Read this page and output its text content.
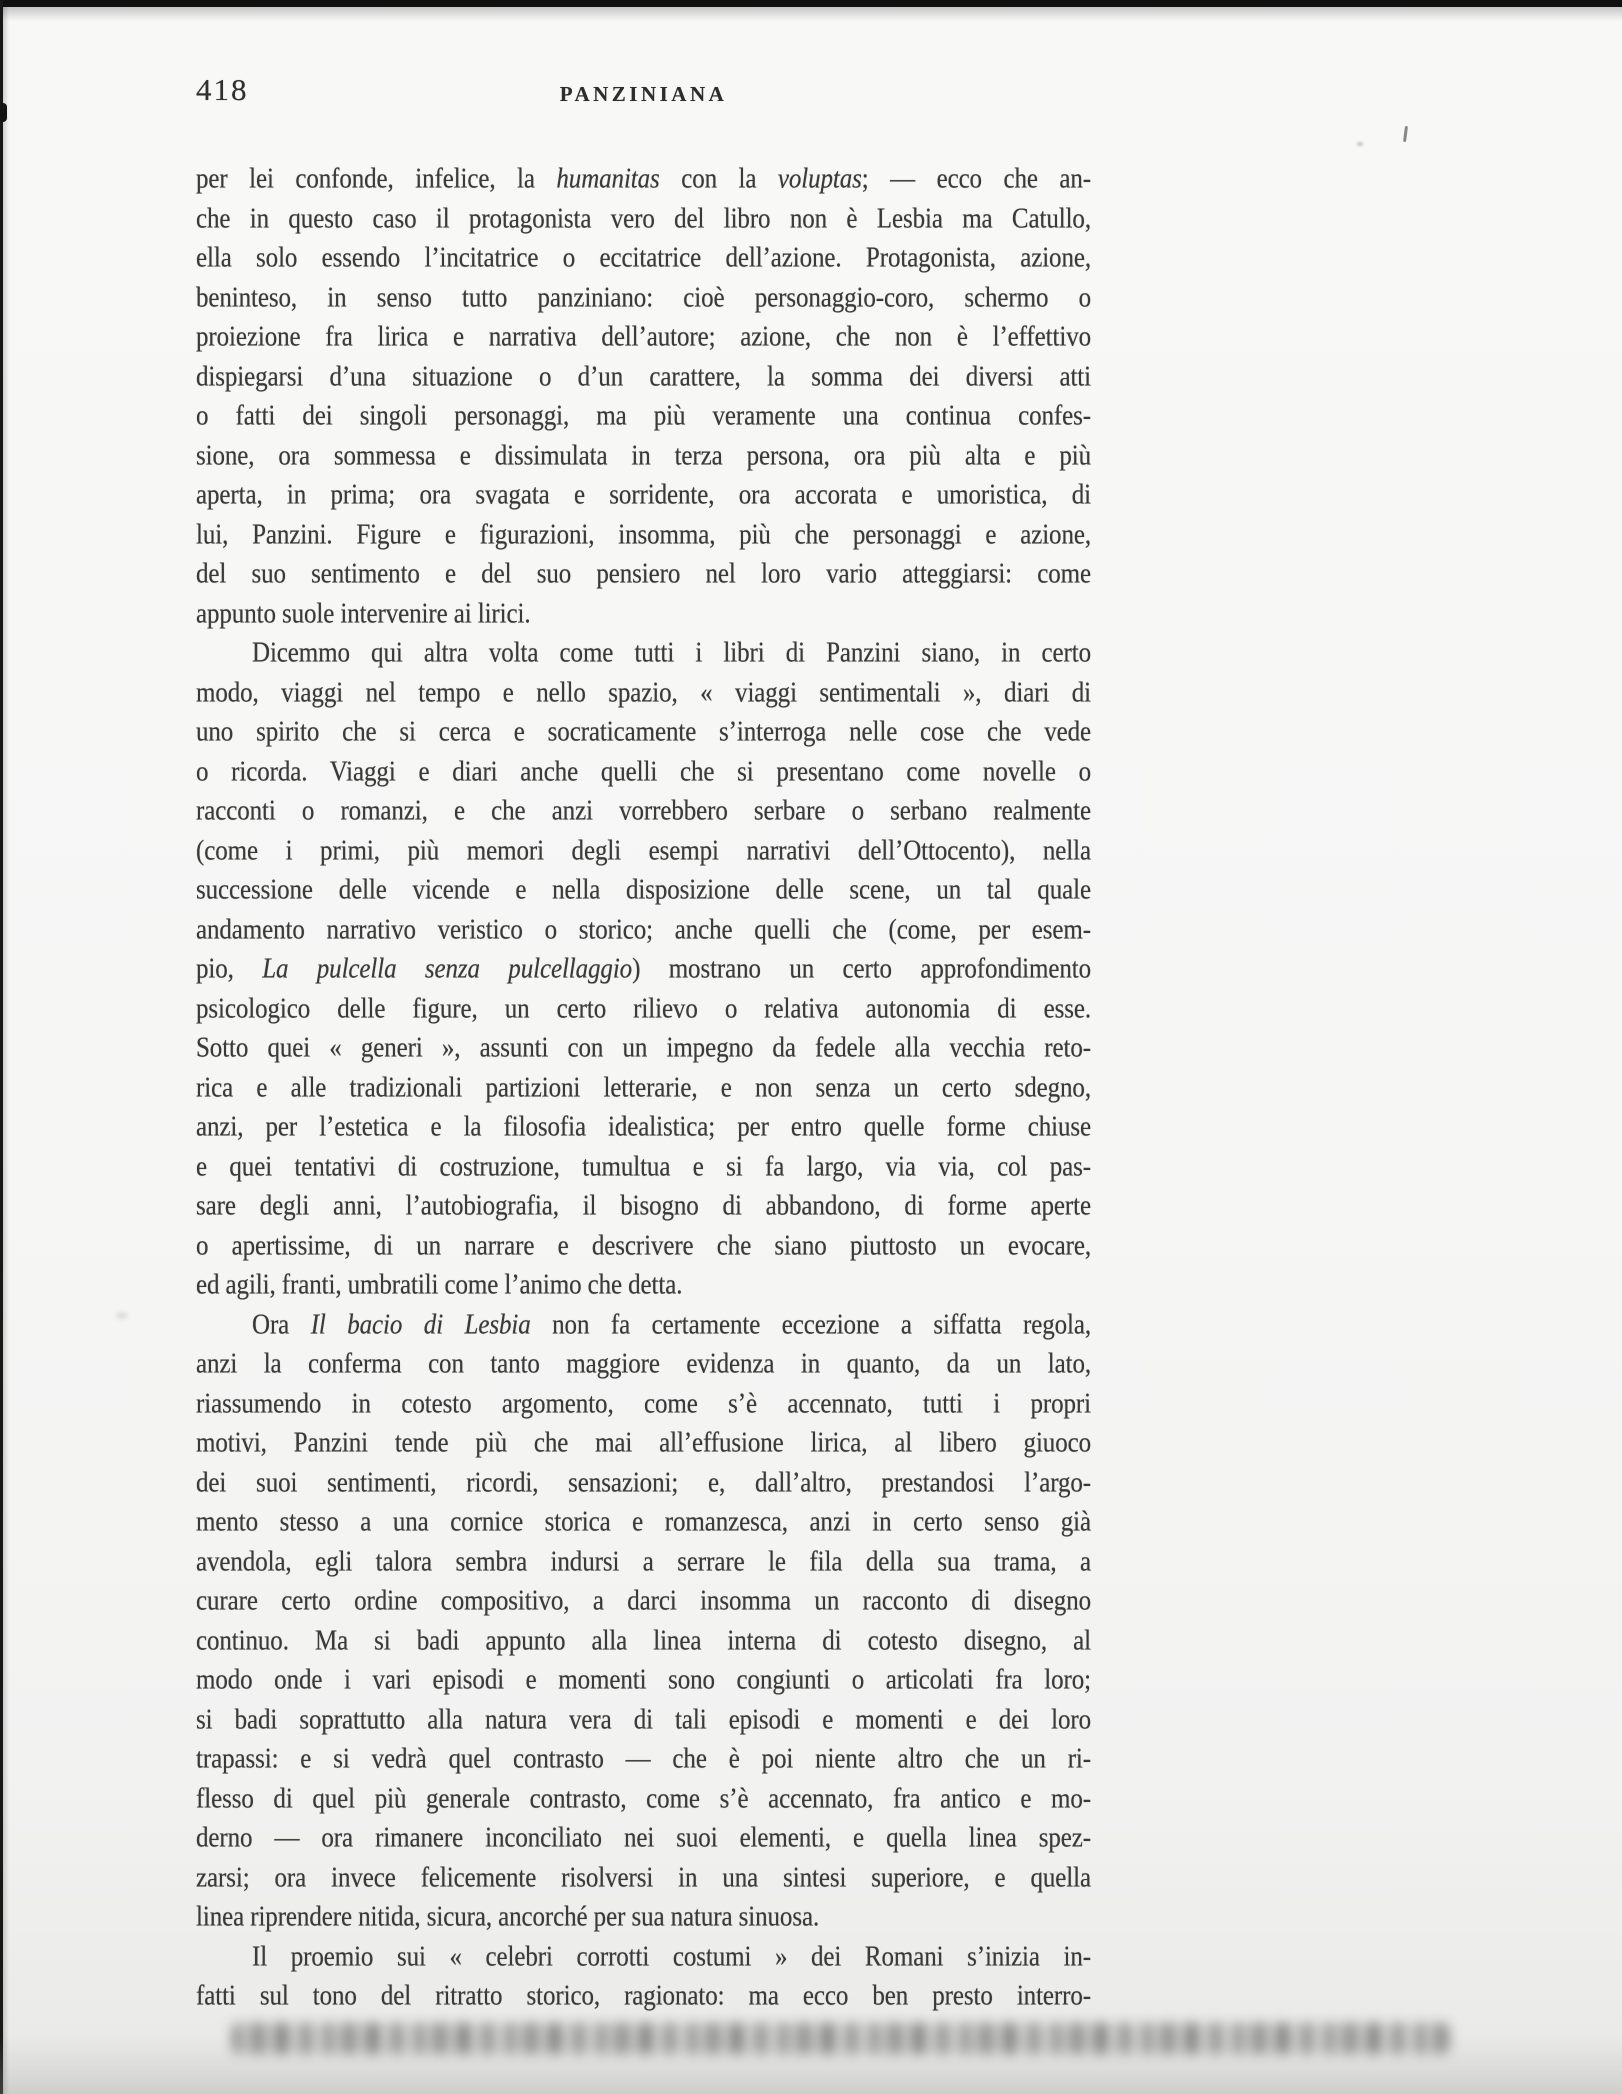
418	PANZINIANA
per lei confonde, infelice, la humanitas con la voluptas; — ecco che an-
che in questo caso il protagonista vero del libro non è Lesbia ma Catullo,
ella solo essendo l’incitatrice o eccitatrice dell’azione. Protagonista, azione,
beninteso, in senso tutto panziniano: cioè personaggio-coro, schermo o
proiezione fra lirica e narrativa dell’autore; azione, che non è l’effettivo
dispiegarsi d’una situazione o d’un carattere, la somma dei diversi atti
o fatti dei singoli personaggi, ma più veramente una continua confes-
sione, ora sommessa e dissimulata in terza persona, ora più alta e più
aperta, in prima; ora svagata e sorridente, ora accorata e umoristica, di
lui, Panzini. Figure e figurazioni, insomma, più che personaggi e azione,
del suo sentimento e del suo pensiero nel loro vario atteggiarsi: come
appunto suole intervenire ai lirici.
Dicemmo qui altra volta come tutti i libri di Panzini siano, in certo
modo, viaggi nel tempo e nello spazio, « viaggi sentimentali », diari di
uno spirito che si cerca e socraticamente s’interroga nelle cose che vede
o ricorda. Viaggi e diari anche quelli che si presentano come novelle o
racconti o romanzi, e che anzi vorrebbero serbare o serbano realmente
(come i primi, più memori degli esempi narrativi dell’Ottocento), nella
successione delle vicende e nella disposizione delle scene, un tal quale
andamento narrativo veristico o storico; anche quelli che (come, per esem-
pio, La pulcella senza pulcellaggio) mostrano un certo approfondimento
psicologico delle figure, un certo rilievo o relativa autonomia di esse.
Sotto quei « generi », assunti con un impegno da fedele alla vecchia reto-
rica e alle tradizionali partizioni letterarie, e non senza un certo sdegno,
anzi, per l’estetica e la filosofia idealistica; per entro quelle forme chiuse
e quei tentativi di costruzione, tumultua e si fa largo, via via, col pas-
sare degli anni, l’autobiografia, il bisogno di abbandono, di forme aperte
o apertissime, di un narrare e descrivere che siano piuttosto un evocare,
ed agili, franti, umbratili come l’animo che detta.
Ora Il bacio di Lesbia non fa certamente eccezione a siffatta regola,
anzi la conferma con tanto maggiore evidenza in quanto, da un lato,
riassumendo in cotesto argomento, come s’è accennato, tutti i propri
motivi, Panzini tende più che mai all’effusione lirica, al libero giuoco
dei suoi sentimenti, ricordi, sensazioni; e, dall’altro, prestandosi l’argo-
mento stesso a una cornice storica e romanzesca, anzi in certo senso già
avendola, egli talora sembra indursi a serrare le fila della sua trama, a
curare certo ordine compositivo, a darci insomma un racconto di disegno
continuo. Ma si badi appunto alla linea interna di cotesto disegno, al
modo onde i vari episodi e momenti sono congiunti o articolati fra loro;
si badi soprattutto alla natura vera di tali episodi e momenti e dei loro
trapassi: e si vedrà quel contrasto — che è poi niente altro che un ri-
flesso di quel più generale contrasto, come s’è accennato, fra antico e mo-
derno — ora rimanere inconciliato nei suoi elementi, e quella linea spez-
zarsi; ora invece felicemente risolversi in una sintesi superiore, e quella
linea riprendere nitida, sicura, ancorché per sua natura sinuosa.
Il proemio sui « celebri corrotti costumi » dei Romani s’inizia in-
fatti sul tono del ritratto storico, ragionato: ma ecco ben presto interro-
